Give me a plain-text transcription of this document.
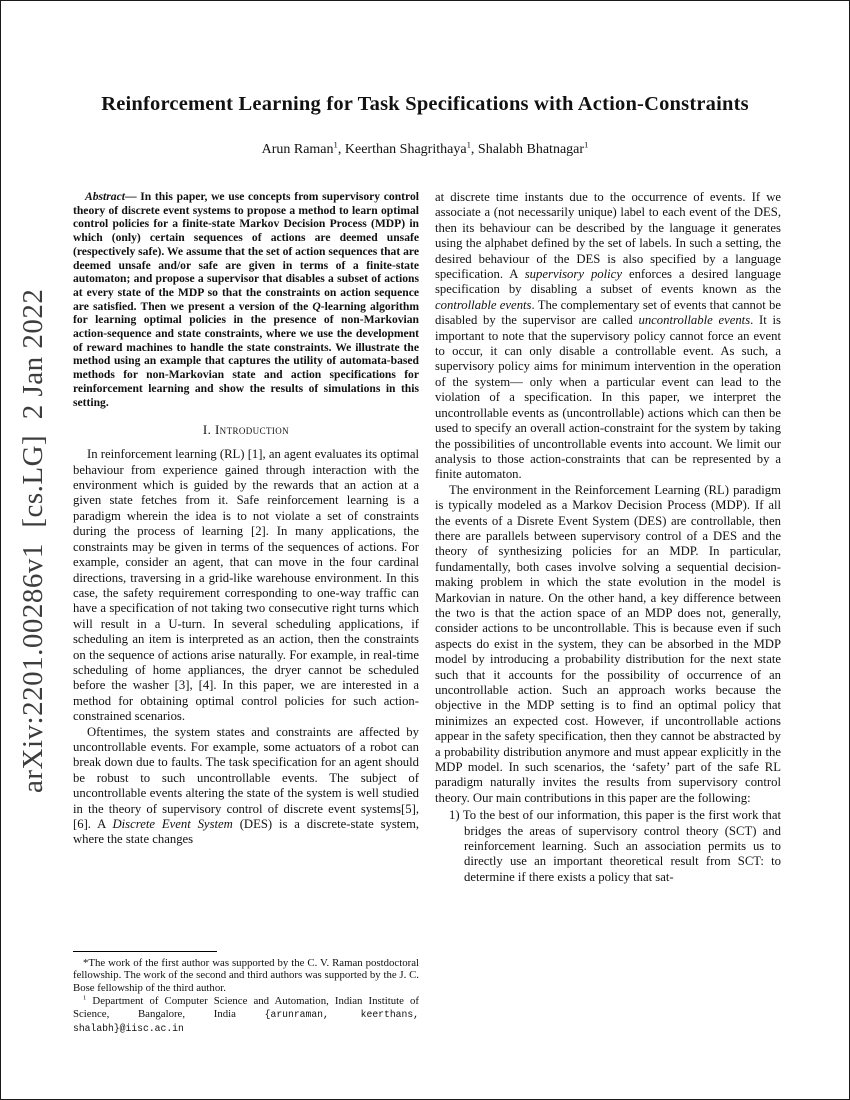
arXiv:2201.00286v1  [cs.LG]  2 Jan 2022
Reinforcement Learning for Task Specifications with Action-Constraints
Arun Raman$^1$, Keerthan Shagrithaya$^1$, Shalabh Bhatnagar$^1$

Abstract— In this paper, we use concepts from supervisory control theory of discrete event systems to propose a method to learn optimal control policies for a finite-state Markov Decision Process (MDP) in which (only) certain sequences of actions are deemed unsafe (respectively safe). We assume that the set of action sequences that are deemed unsafe and/or safe are given in terms of a finite-state automaton; and propose a supervisor that disables a subset of actions at every state of the MDP so that the constraints on action sequence are satisfied. Then we present a version of the Q-learning algorithm for learning optimal policies in the presence of non-Markovian action-sequence and state constraints, where we use the development of reward machines to handle the state constraints. We illustrate the method using an example that captures the utility of automata-based methods for non-Markovian state and action specifications for reinforcement learning and show the results of simulations in this setting.

I. Introduction

In reinforcement learning (RL) [1], an agent evaluates its optimal behaviour from experience gained through interaction with the environment which is guided by the rewards that an action at a given state fetches from it. Safe reinforcement learning is a paradigm wherein the idea is to not violate a set of constraints during the process of learning [2]. In many applications, the constraints may be given in terms of the sequences of actions. For example, consider an agent, that can move in the four cardinal directions, traversing in a grid-like warehouse environment. In this case, the safety requirement corresponding to one-way traffic can have a specification of not taking two consecutive right turns which will result in a U-turn. In several scheduling applications, if scheduling an item is interpreted as an action, then the constraints on the sequence of actions arise naturally. For example, in real-time scheduling of home appliances, the dryer cannot be scheduled before the washer [3], [4]. In this paper, we are interested in a method for obtaining optimal control policies for such action-constrained scenarios.

Oftentimes, the system states and constraints are affected by uncontrollable events. For example, some actuators of a robot can break down due to faults. The task specification for an agent should be robust to such uncontrollable events. The subject of uncontrollable events altering the state of the system is well studied in the theory of supervisory control of discrete event systems[5], [6]. A Discrete Event System (DES) is a discrete-state system, where the state changes

*The work of the first author was supported by the C. V. Raman postdoctoral fellowship. The work of the second and third authors was supported by the J. C. Bose fellowship of the third author.

$^1$ Department of Computer Science and Automation, Indian Institute of Science, Bangalore, India {arunraman, keerthans, shalabh}@iisc.ac.in

at discrete time instants due to the occurrence of events. If we associate a (not necessarily unique) label to each event of the DES, then its behaviour can be described by the language it generates using the alphabet defined by the set of labels. In such a setting, the desired behaviour of the DES is also specified by a language specification. A supervisory policy enforces a desired language specification by disabling a subset of events known as the controllable events. The complementary set of events that cannot be disabled by the supervisor are called uncontrollable events. It is important to note that the supervisory policy cannot force an event to occur, it can only disable a controllable event. As such, a supervisory policy aims for minimum intervention in the operation of the system— only when a particular event can lead to the violation of a specification. In this paper, we interpret the uncontrollable events as (uncontrollable) actions which can then be used to specify an overall action-constraint for the system by taking the possibilities of uncontrollable events into account. We limit our analysis to those action-constraints that can be represented by a finite automaton.

The environment in the Reinforcement Learning (RL) paradigm is typically modeled as a Markov Decision Process (MDP). If all the events of a Disrete Event System (DES) are controllable, then there are parallels between supervisory control of a DES and the theory of synthesizing policies for an MDP. In particular, fundamentally, both cases involve solving a sequential decision-making problem in which the state evolution in the model is Markovian in nature. On the other hand, a key difference between the two is that the action space of an MDP does not, generally, consider actions to be uncontrollable. This is because even if such aspects do exist in the system, they can be absorbed in the MDP model by introducing a probability distribution for the next state such that it accounts for the possibility of occurrence of an uncontrollable action. Such an approach works because the objective in the MDP setting is to find an optimal policy that minimizes an expected cost. However, if uncontrollable actions appear in the safety specification, then they cannot be abstracted by a probability distribution anymore and must appear explicitly in the MDP model. In such scenarios, the ‘safety’ part of the safe RL paradigm naturally invites the results from supervisory control theory. Our main contributions in this paper are the following:

1) To the best of our information, this paper is the first work that bridges the areas of supervisory control theory (SCT) and reinforcement learning. Such an association permits us to directly use an important theoretical result from SCT: to determine if there exists a policy that sat-
